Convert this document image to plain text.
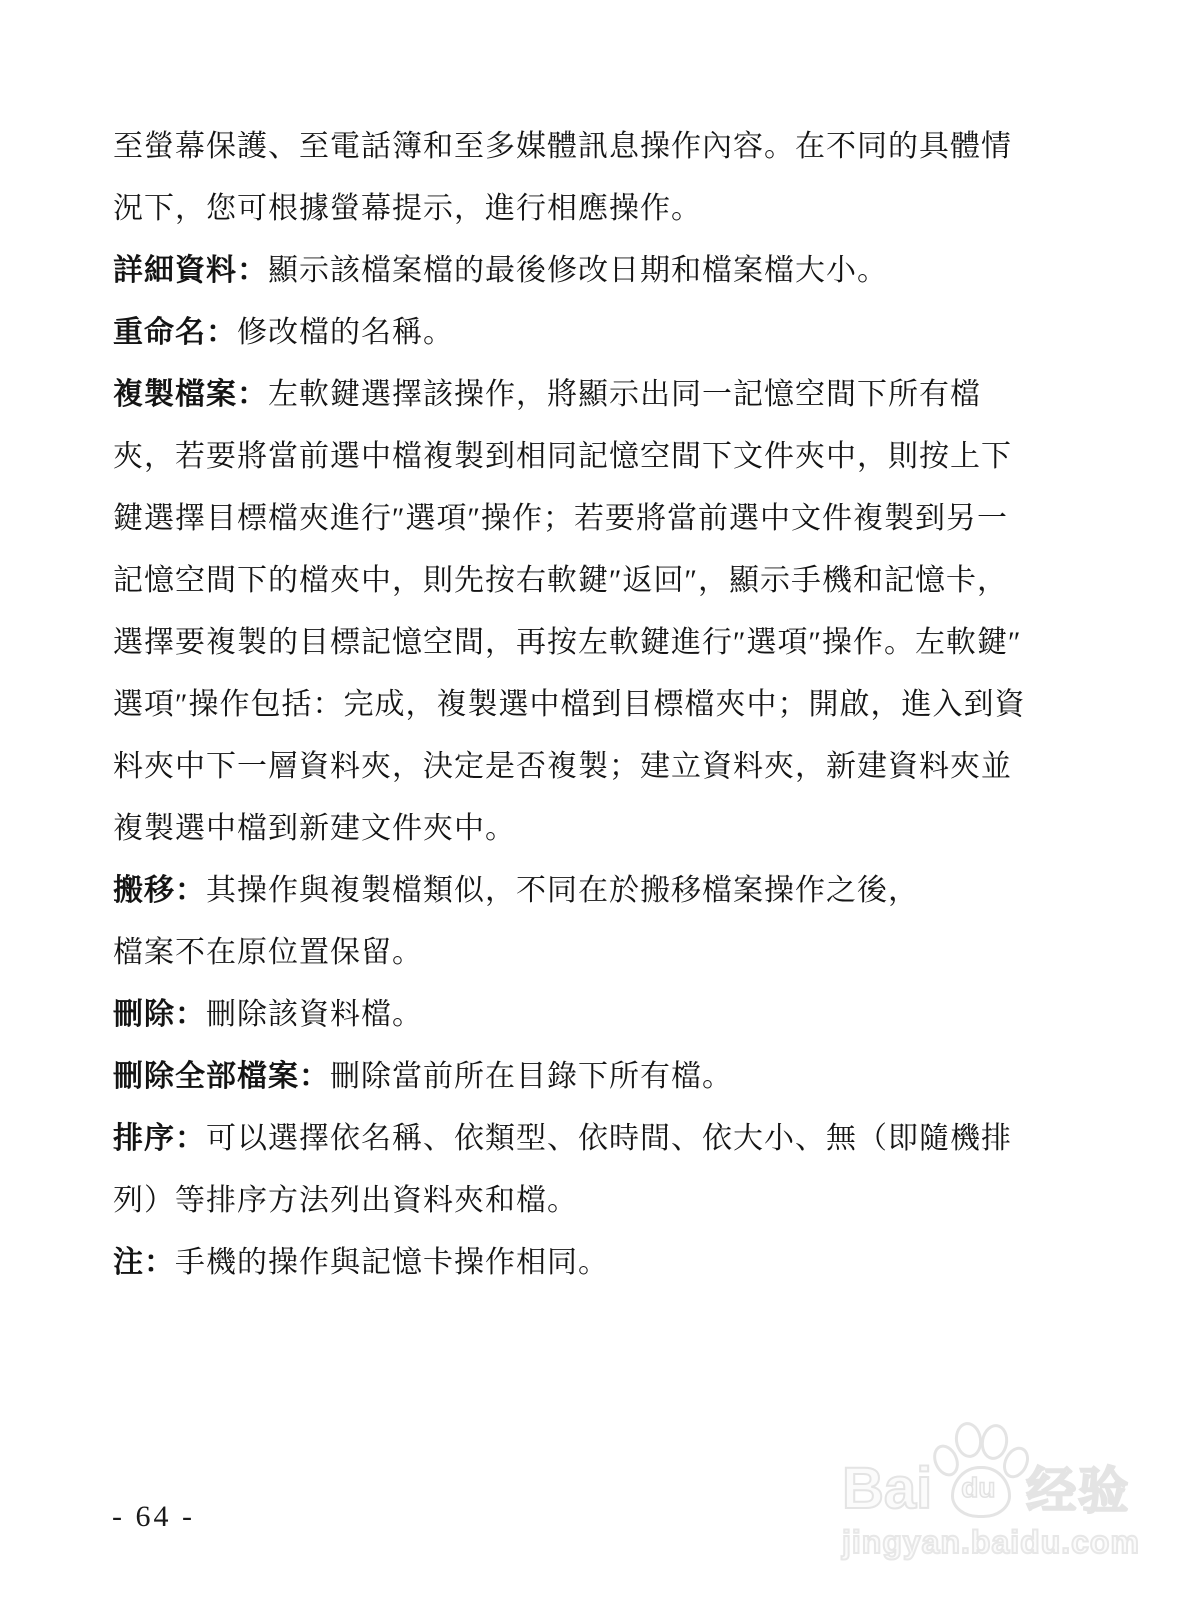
至螢幕保護、至電話簿和至多媒體訊息操作內容。在不同的具體情
況下，您可根據螢幕提示，進行相應操作。
詳細資料：顯示該檔案檔的最後修改日期和檔案檔大小。
重命名：修改檔的名稱。
複製檔案：左軟鍵選擇該操作，將顯示出同一記憶空間下所有檔
夾，若要將當前選中檔複製到相同記憶空間下文件夾中，則按上下
鍵選擇目標檔夾進行″選項″操作；若要將當前選中文件複製到另一
記憶空間下的檔夾中，則先按右軟鍵″返回″，顯示手機和記憶卡，
選擇要複製的目標記憶空間，再按左軟鍵進行″選項″操作。左軟鍵″
選項″操作包括：完成，複製選中檔到目標檔夾中；開啟，進入到資
料夾中下一層資料夾，決定是否複製；建立資料夾，新建資料夾並
複製選中檔到新建文件夾中。
搬移：其操作與複製檔類似，不同在於搬移檔案操作之後，
檔案不在原位置保留。
刪除：刪除該資料檔。
刪除全部檔案：刪除當前所在目錄下所有檔。
排序：可以選擇依名稱、依類型、依時間、依大小、無（即隨機排
列）等排序方法列出資料夾和檔。
注：手機的操作與記憶卡操作相同。
- 64 -	Bai du 经验
jingyan.baidu.com
